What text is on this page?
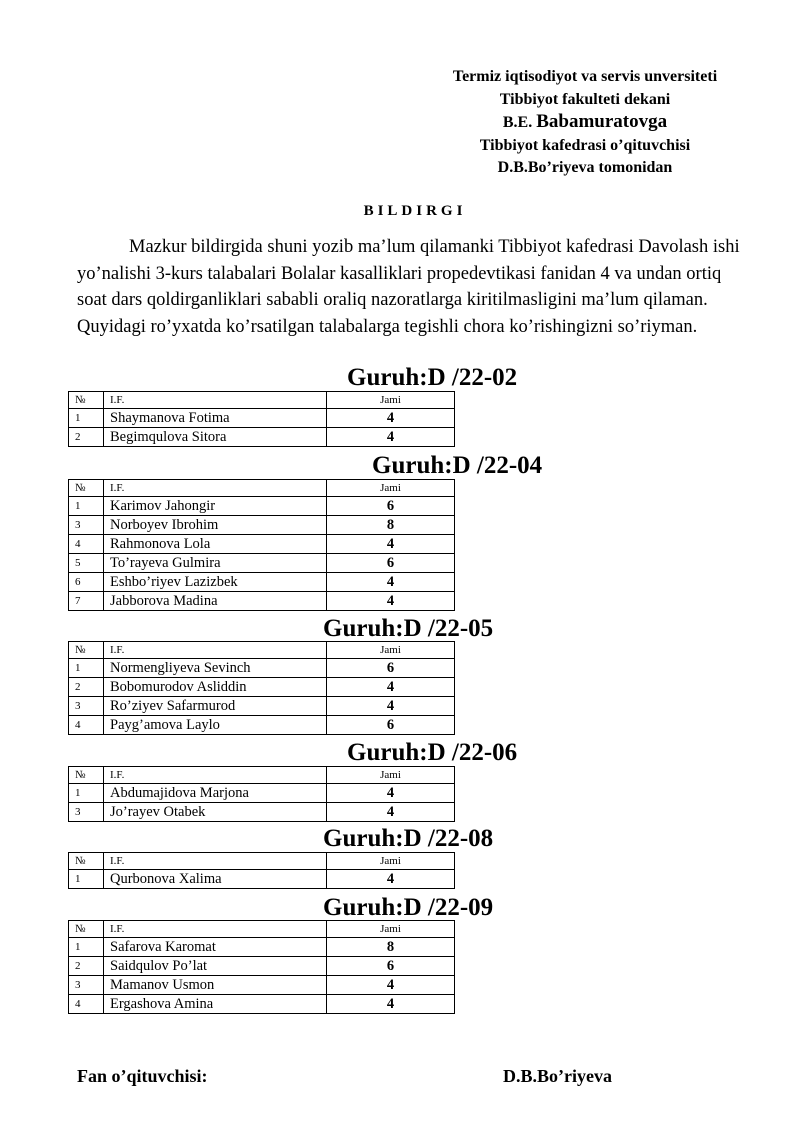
Termiz iqtisodiyot va servis unversiteti
Tibbiyot fakulteti dekani
B.E. Babamuratovga
Tibbiyot kafedrasi o’qituvchisi
D.B.Bo’riyeva tomonidan
BILDIRGI

Mazkur bildirgida shuni yozib ma’lum qilamanki Tibbiyot kafedrasi Davolash ishi yo’nalishi 3-kurs talabalari Bolalar kasalliklari propedevtikasi fanidan 4 va undan ortiq soat dars qoldirganliklari sababli oraliq nazoratlarga kiritilmasligini ma’lum qilaman. Quyidagi ro’yxatda ko’rsatilgan talabalarga tegishli chora ko’rishingizni so’riyman.

Guruh:D /22-02
№	I.F.	Jami
1	Shaymanova Fotima	4
2	Begimqulova Sitora	4
Guruh:D /22-04
№	I.F.	Jami
1	Karimov Jahongir	6
3	Norboyev Ibrohim	8
4	Rahmonova Lola	4
5	To’rayeva Gulmira	6
6	Eshbo’riyev Lazizbek	4
7	Jabborova Madina	4
Guruh:D /22-05
№	I.F.	Jami
1	Normengliyeva Sevinch	6
2	Bobomurodov Asliddin	4
3	Ro’ziyev Safarmurod	4
4	Payg’amova Laylo	6
Guruh:D /22-06
№	I.F.	Jami
1	Abdumajidova Marjona	4
3	Jo’rayev Otabek	4
Guruh:D /22-08
№	I.F.	Jami
1	Qurbonova Xalima	4
Guruh:D /22-09
№	I.F.	Jami
1	Safarova Karomat	8
2	Saidqulov Po’lat	6
3	Mamanov Usmon	4
4	Ergashova Amina	4
Fan o’qituvchisi:	D.B.Bo’riyeva
